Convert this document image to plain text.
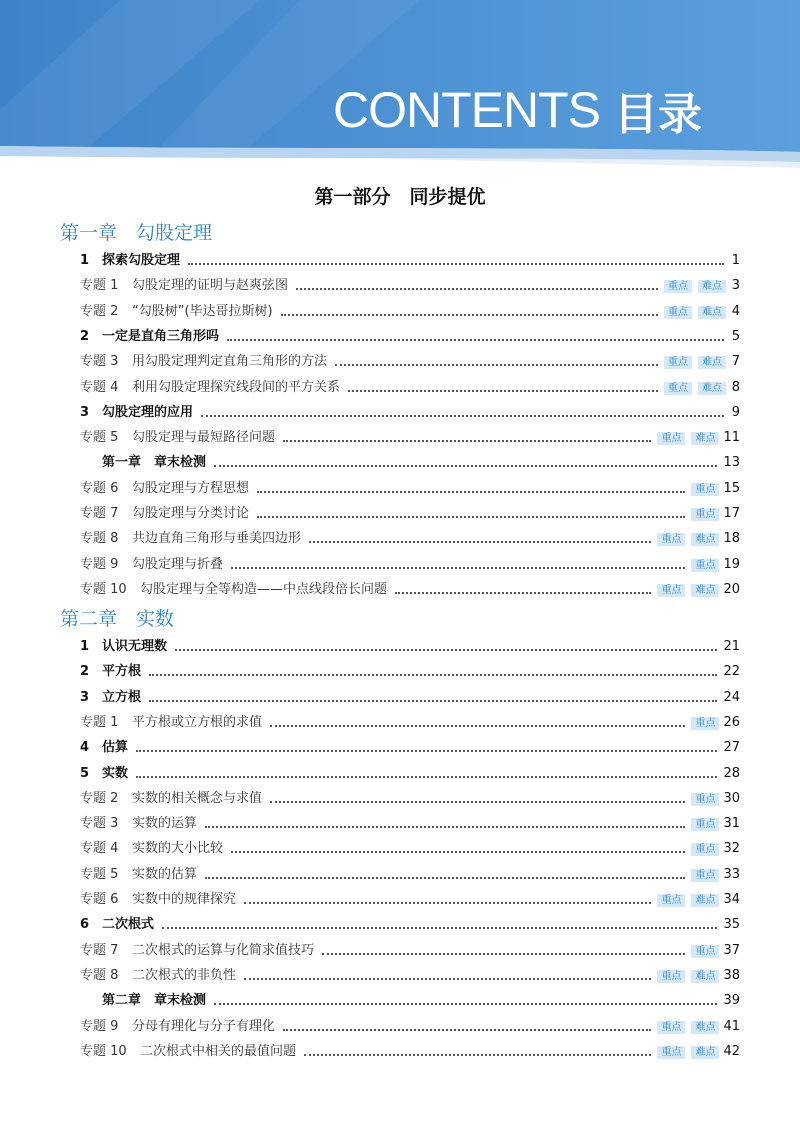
CONTENTS 目录
第一部分　同步提优
第一章　勾股定理
1 探索勾股定理	1
专题 1	勾股定理的证明与赵爽弦图	重点	难点 3
专题 2	“勾股树”(毕达哥拉斯树)	重点	难点 4
2 一定是直角三角形吗	5
专题 3	用勾股定理判定直角三角形的方法	重点	难点 7
专题 4	利用勾股定理探究线段间的平方关系	重点	难点 8
3 勾股定理的应用	9
专题 5	勾股定理与最短路径问题	重点	难点 11
第一章　章末检测	13
专题 6	勾股定理与方程思想	重点 15
专题 7	勾股定理与分类讨论	重点 17
专题 8	共边直角三角形与垂美四边形	重点	难点 18
专题 9	勾股定理与折叠	重点 19
专题 10	勾股定理与全等构造——中点线段倍长问题	重点	难点 20
第二章　实数
1 认识无理数	21
2 平方根	22
3 立方根	24
专题 1	平方根或立方根的求值	重点 26
4 估算	27
5 实数	28
专题 2	实数的相关概念与求值	重点 30
专题 3	实数的运算	重点 31
专题 4	实数的大小比较	重点 32
专题 5	实数的估算	重点 33
专题 6	实数中的规律探究	重点	难点 34
6 二次根式	35
专题 7	二次根式的运算与化简求值技巧	重点 37
专题 8	二次根式的非负性	重点	难点 38
第二章　章末检测	39
专题 9	分母有理化与分子有理化	重点	难点 41
专题 10	二次根式中相关的最值问题	重点	难点 42
